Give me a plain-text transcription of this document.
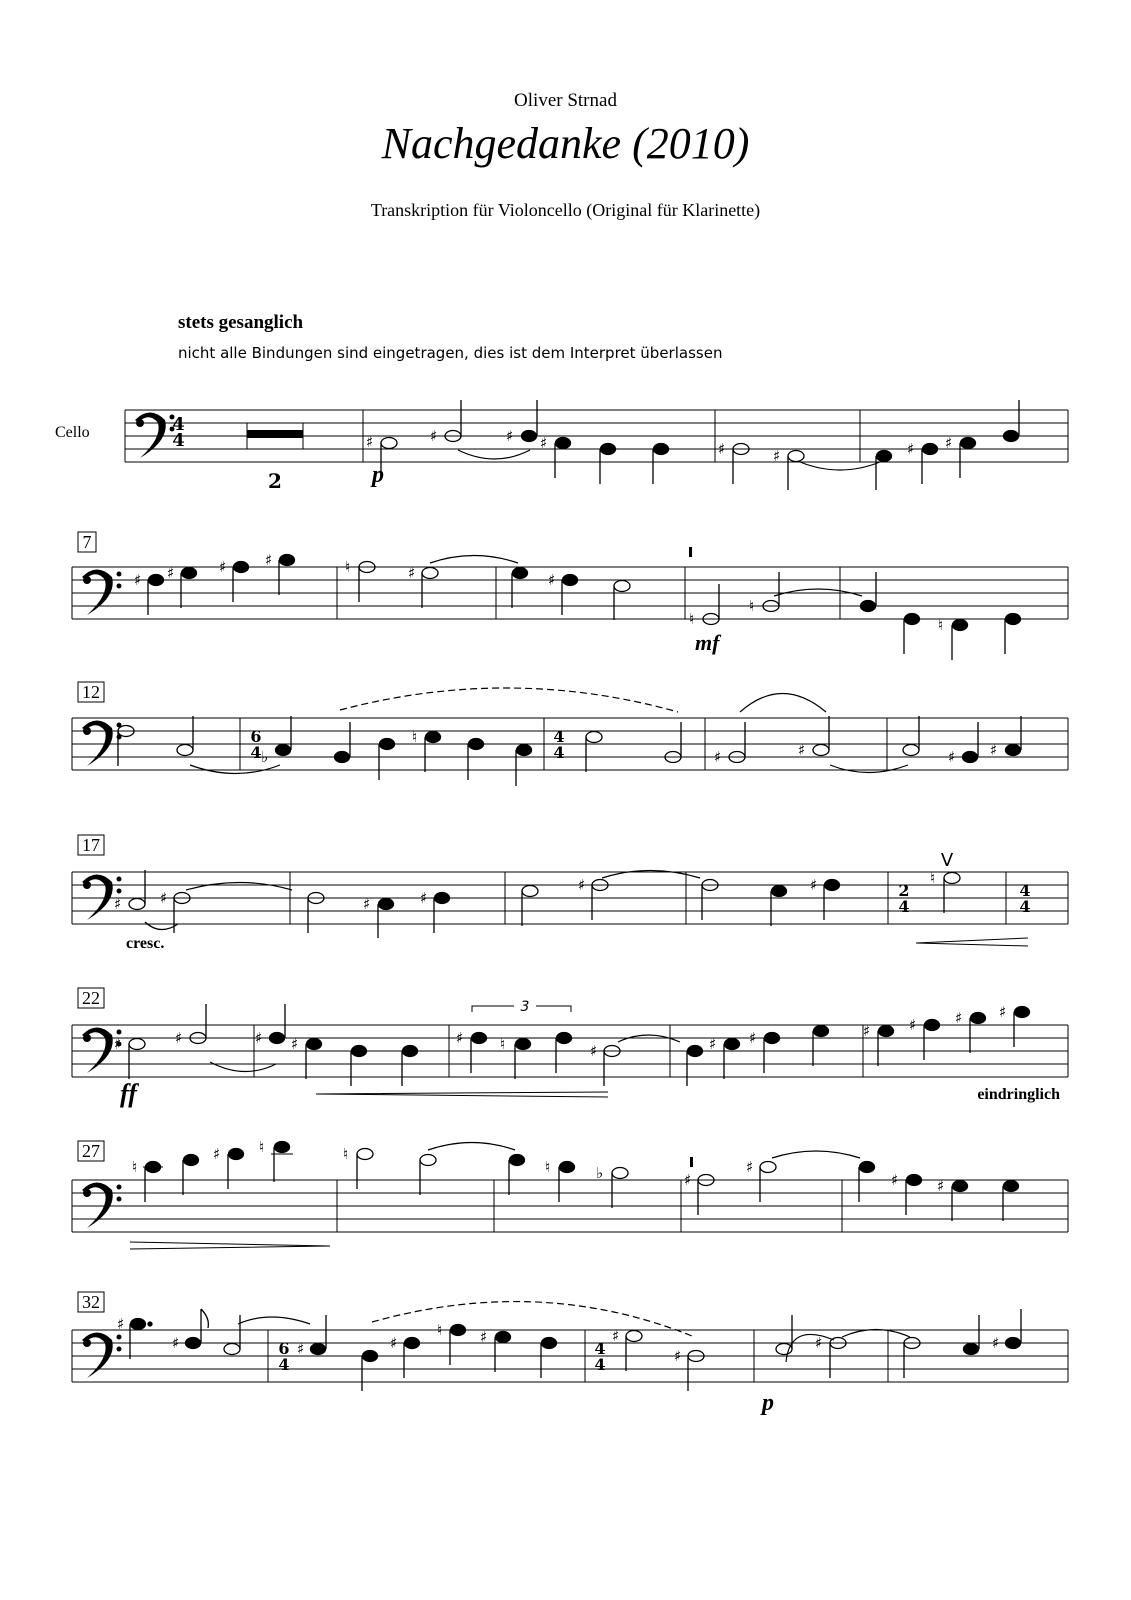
Oliver Strnad
Nachgedanke (2010)
Transkription für Violoncello (Original für Klarinette)
stets gesanglich
nicht alle Bindungen sind eingetragen, dies ist dem Interpret überlassen
Cello	4 4
2
♯	♯	♯ ♯	♯	♯	♯ ♯
p
7
♯ ♯	♯	♯	♮	♯	♯
♮
♮
♮
mf
12
6 4
4 4
♭
♮
♯	♯	♯ ♯
17
2 4
4 4
♯	♯	♯	♯
♯	♯	♮
V
cresc.
22
♯	♯	♯ ♯	♯ ♮	♯	♯ ♯	♯	♯	♯ ♯
3
ff	eindringlich
27
♮
♯	♮	♮
♮	♭	♯
♯
♯	♯
32
6 4
4 4
♯
♯	♯	♯
♮	♯	♯
♯
♯	♯
p
